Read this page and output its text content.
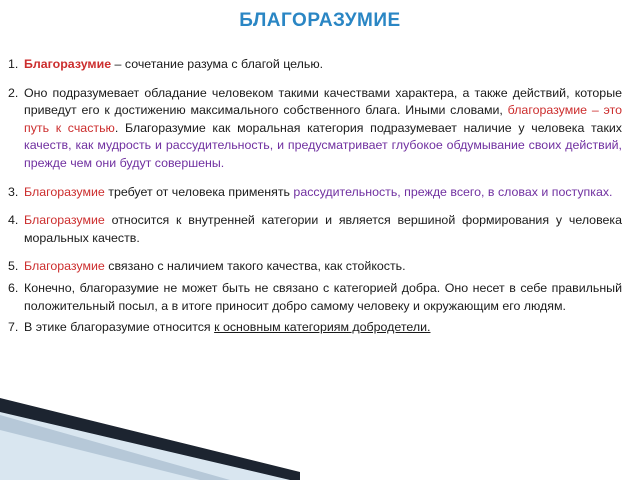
БЛАГОРАЗУМИЕ
1. Благоразумие – сочетание разума с благой целью.
2. Оно подразумевает обладание человеком такими качествами характера, а также действий, которые приведут его к достижению максимального собственного блага. Иными словами, благоразумие – это путь к счастью. Благоразумие как моральная категория подразумевает наличие у человека таких качеств, как мудрость и рассудительность, и предусматривает глубокое обдумывание своих действий, прежде чем они будут совершены.
3. Благоразумие требует от человека применять рассудительность, прежде всего, в словах и поступках.
4. Благоразумие относится к внутренней категории и является вершиной формирования у человека моральных качеств.
5. Благоразумие связано с наличием такого качества, как стойкость.
6. Конечно, благоразумие не может быть не связано с категорией добра. Оно несет в себе правильный положительный посыл, а в итоге приносит добро самому человеку и окружающим его людям.
7. В этике благоразумие относится к основным категориям добродетели.
